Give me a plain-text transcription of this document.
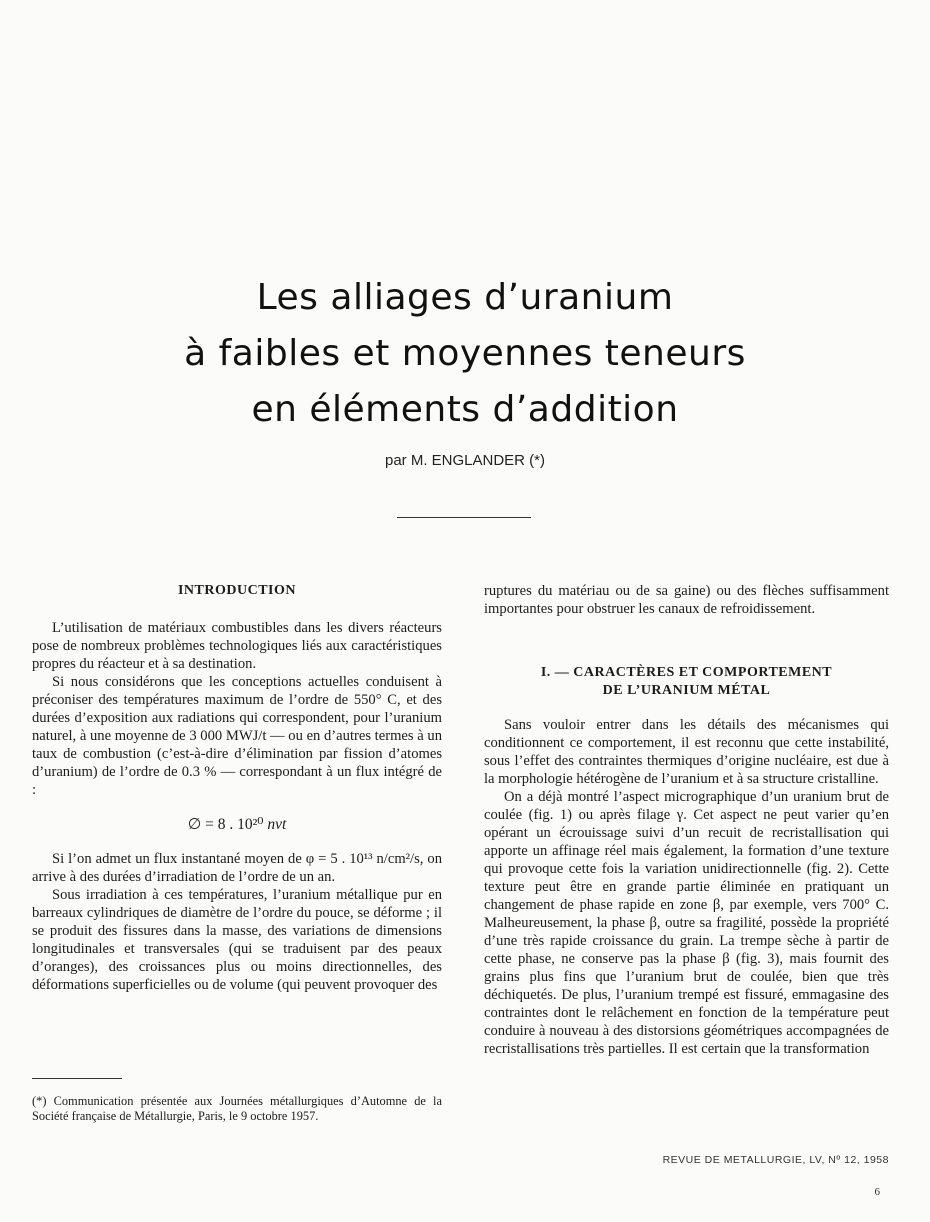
Les alliages d’uranium
à faibles et moyennes teneurs
en éléments d’addition
par M. ENGLANDER (*)
INTRODUCTION

L’utilisation de matériaux combustibles dans les divers réacteurs pose de nombreux problèmes technologiques liés aux caractéristiques propres du réacteur et à sa destination.

Si nous considérons que les conceptions actuelles conduisent à préconiser des températures maximum de l’ordre de 550° C, et des durées d’exposition aux radiations qui correspondent, pour l’uranium naturel, à une moyenne de 3 000 MWJ/t — ou en d’autres termes à un taux de combustion (c’est-à-dire d’élimination par fission d’atomes d’uranium) de l’ordre de 0.3 % — correspondant à un flux intégré de :

∅ = 8 . 10²⁰ nvt

Si l’on admet un flux instantané moyen de φ = 5 . 10¹³ n/cm²/s, on arrive à des durées d’irradiation de l’ordre de un an.

Sous irradiation à ces températures, l’uranium métallique pur en barreaux cylindriques de diamètre de l’ordre du pouce, se déforme ; il se produit des fissures dans la masse, des variations de dimensions longitudinales et transversales (qui se traduisent par des peaux d’oranges), des croissances plus ou moins directionnelles, des déformations superficielles ou de volume (qui peuvent provoquer des

ruptures du matériau ou de sa gaine) ou des flèches suffisamment importantes pour obstruer les canaux de refroidissement.

I. — CARACTÈRES ET COMPORTEMENT
DE L’URANIUM MÉTAL

Sans vouloir entrer dans les détails des mécanismes qui conditionnent ce comportement, il est reconnu que cette instabilité, sous l’effet des contraintes thermiques d’origine nucléaire, est due à la morphologie hétérogène de l’uranium et à sa structure cristalline.

On a déjà montré l’aspect micrographique d’un uranium brut de coulée (fig. 1) ou après filage γ. Cet aspect ne peut varier qu’en opérant un écrouissage suivi d’un recuit de recristallisation qui apporte un affinage réel mais également, la formation d’une texture qui provoque cette fois la variation unidirectionnelle (fig. 2). Cette texture peut être en grande partie éliminée en pratiquant un changement de phase rapide en zone β, par exemple, vers 700° C. Malheureusement, la phase β, outre sa fragilité, possède la propriété d’une très rapide croissance du grain. La trempe sèche à partir de cette phase, ne conserve pas la phase β (fig. 3), mais fournit des grains plus fins que l’uranium brut de coulée, bien que très déchiquetés. De plus, l’uranium trempé est fissuré, emmagasine des contraintes dont le relâchement en fonction de la température peut conduire à nouveau à des distorsions géométriques accompagnées de recristallisations très partielles. Il est certain que la transformation

(*) Communication présentée aux Journées métallurgiques d’Automne de la Société française de Métallurgie, Paris, le 9 octobre 1957.
REVUE DE METALLURGIE, LV, Nº 12, 1958
6
